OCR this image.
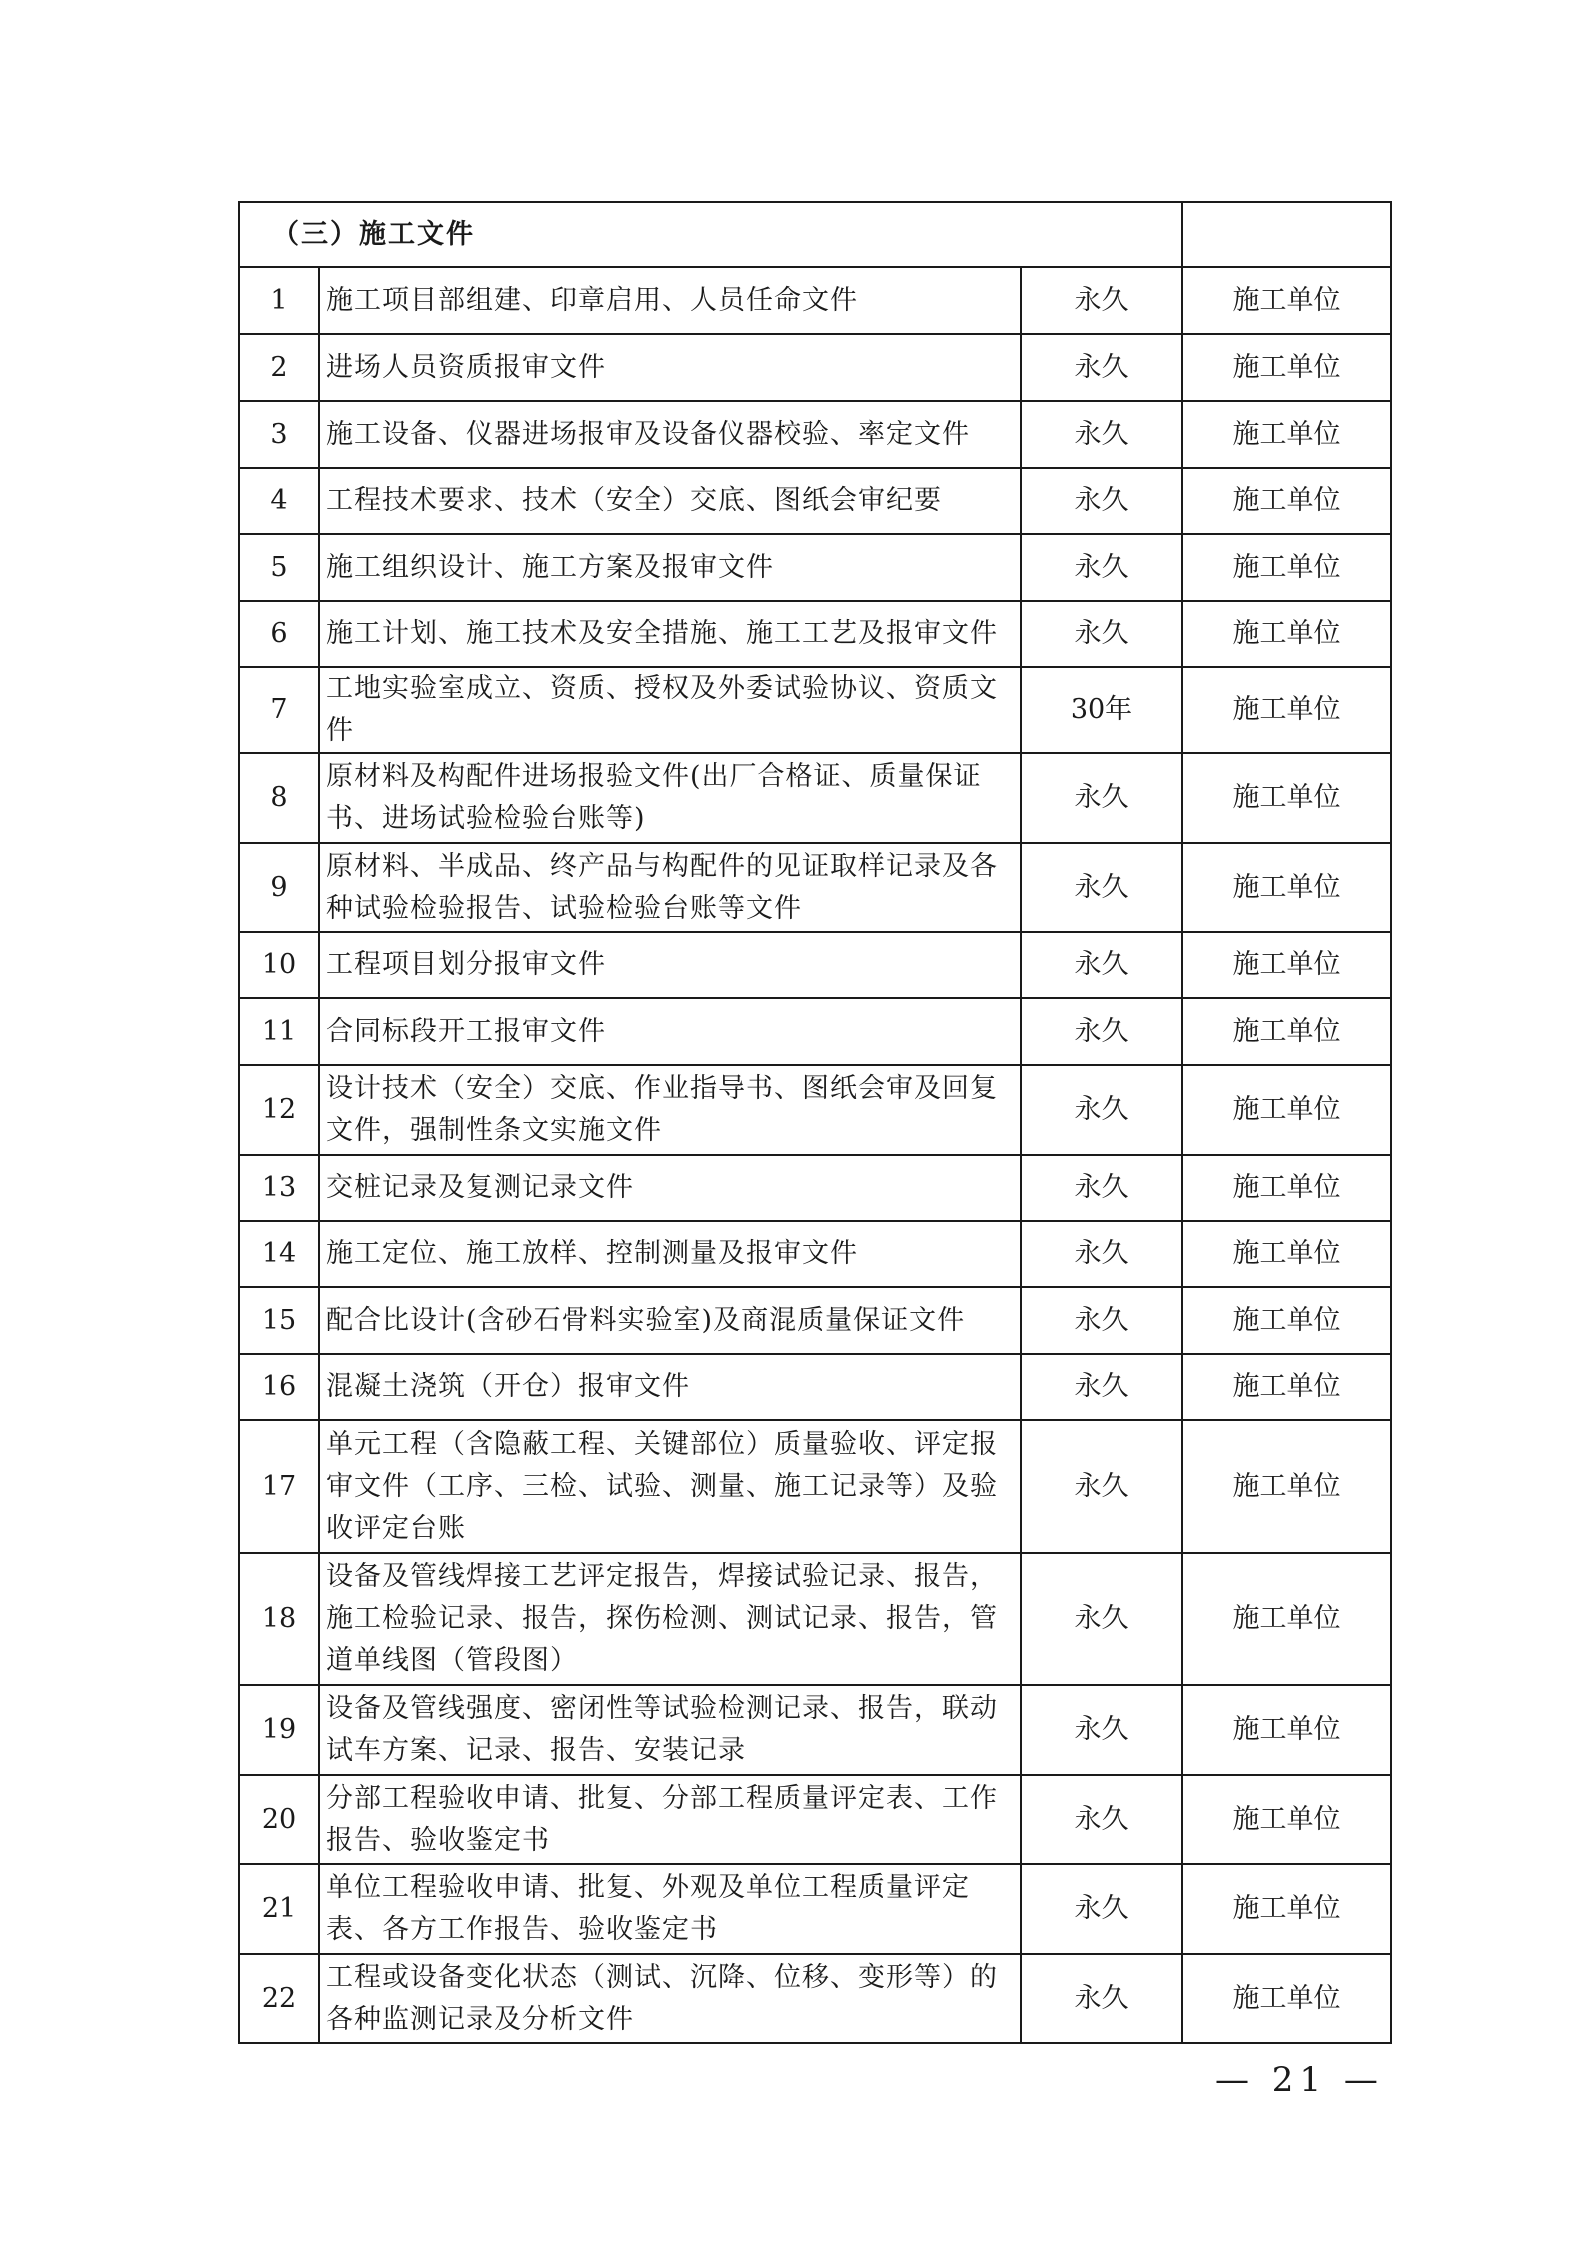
（三）施工文件			
1	施工项目部组建、印章启用、人员任命文件	永久	施工单位
2	进场人员资质报审文件	永久	施工单位
3	施工设备、仪器进场报审及设备仪器校验、率定文件	永久	施工单位
4	工程技术要求、技术（安全）交底、图纸会审纪要	永久	施工单位
5	施工组织设计、施工方案及报审文件	永久	施工单位
6	施工计划、施工技术及安全措施、施工工艺及报审文件	永久	施工单位
7	工地实验室成立、资质、授权及外委试验协议、资质文件	30年	施工单位
8	原材料及构配件进场报验文件(出厂合格证、质量保证书、进场试验检验台账等)	永久	施工单位
9	原材料、半成品、终产品与构配件的见证取样记录及各种试验检验报告、试验检验台账等文件	永久	施工单位
10	工程项目划分报审文件	永久	施工单位
11	合同标段开工报审文件	永久	施工单位
12	设计技术（安全）交底、作业指导书、图纸会审及回复文件，强制性条文实施文件	永久	施工单位
13	交桩记录及复测记录文件	永久	施工单位
14	施工定位、施工放样、控制测量及报审文件	永久	施工单位
15	配合比设计(含砂石骨料实验室)及商混质量保证文件	永久	施工单位
16	混凝土浇筑（开仓）报审文件	永久	施工单位
17	单元工程（含隐蔽工程、关键部位）质量验收、评定报审文件（工序、三检、试验、测量、施工记录等）及验收评定台账	永久	施工单位
18	设备及管线焊接工艺评定报告，焊接试验记录、报告，施工检验记录、报告，探伤检测、测试记录、报告，管道单线图（管段图）	永久	施工单位
19	设备及管线强度、密闭性等试验检测记录、报告，联动试车方案、记录、报告、安装记录	永久	施工单位
20	分部工程验收申请、批复、分部工程质量评定表、工作报告、验收鉴定书	永久	施工单位
21	单位工程验收申请、批复、外观及单位工程质量评定表、各方工作报告、验收鉴定书	永久	施工单位
22	工程或设备变化状态（测试、沉降、位移、变形等）的各种监测记录及分析文件	永久	施工单位
— 21 —
